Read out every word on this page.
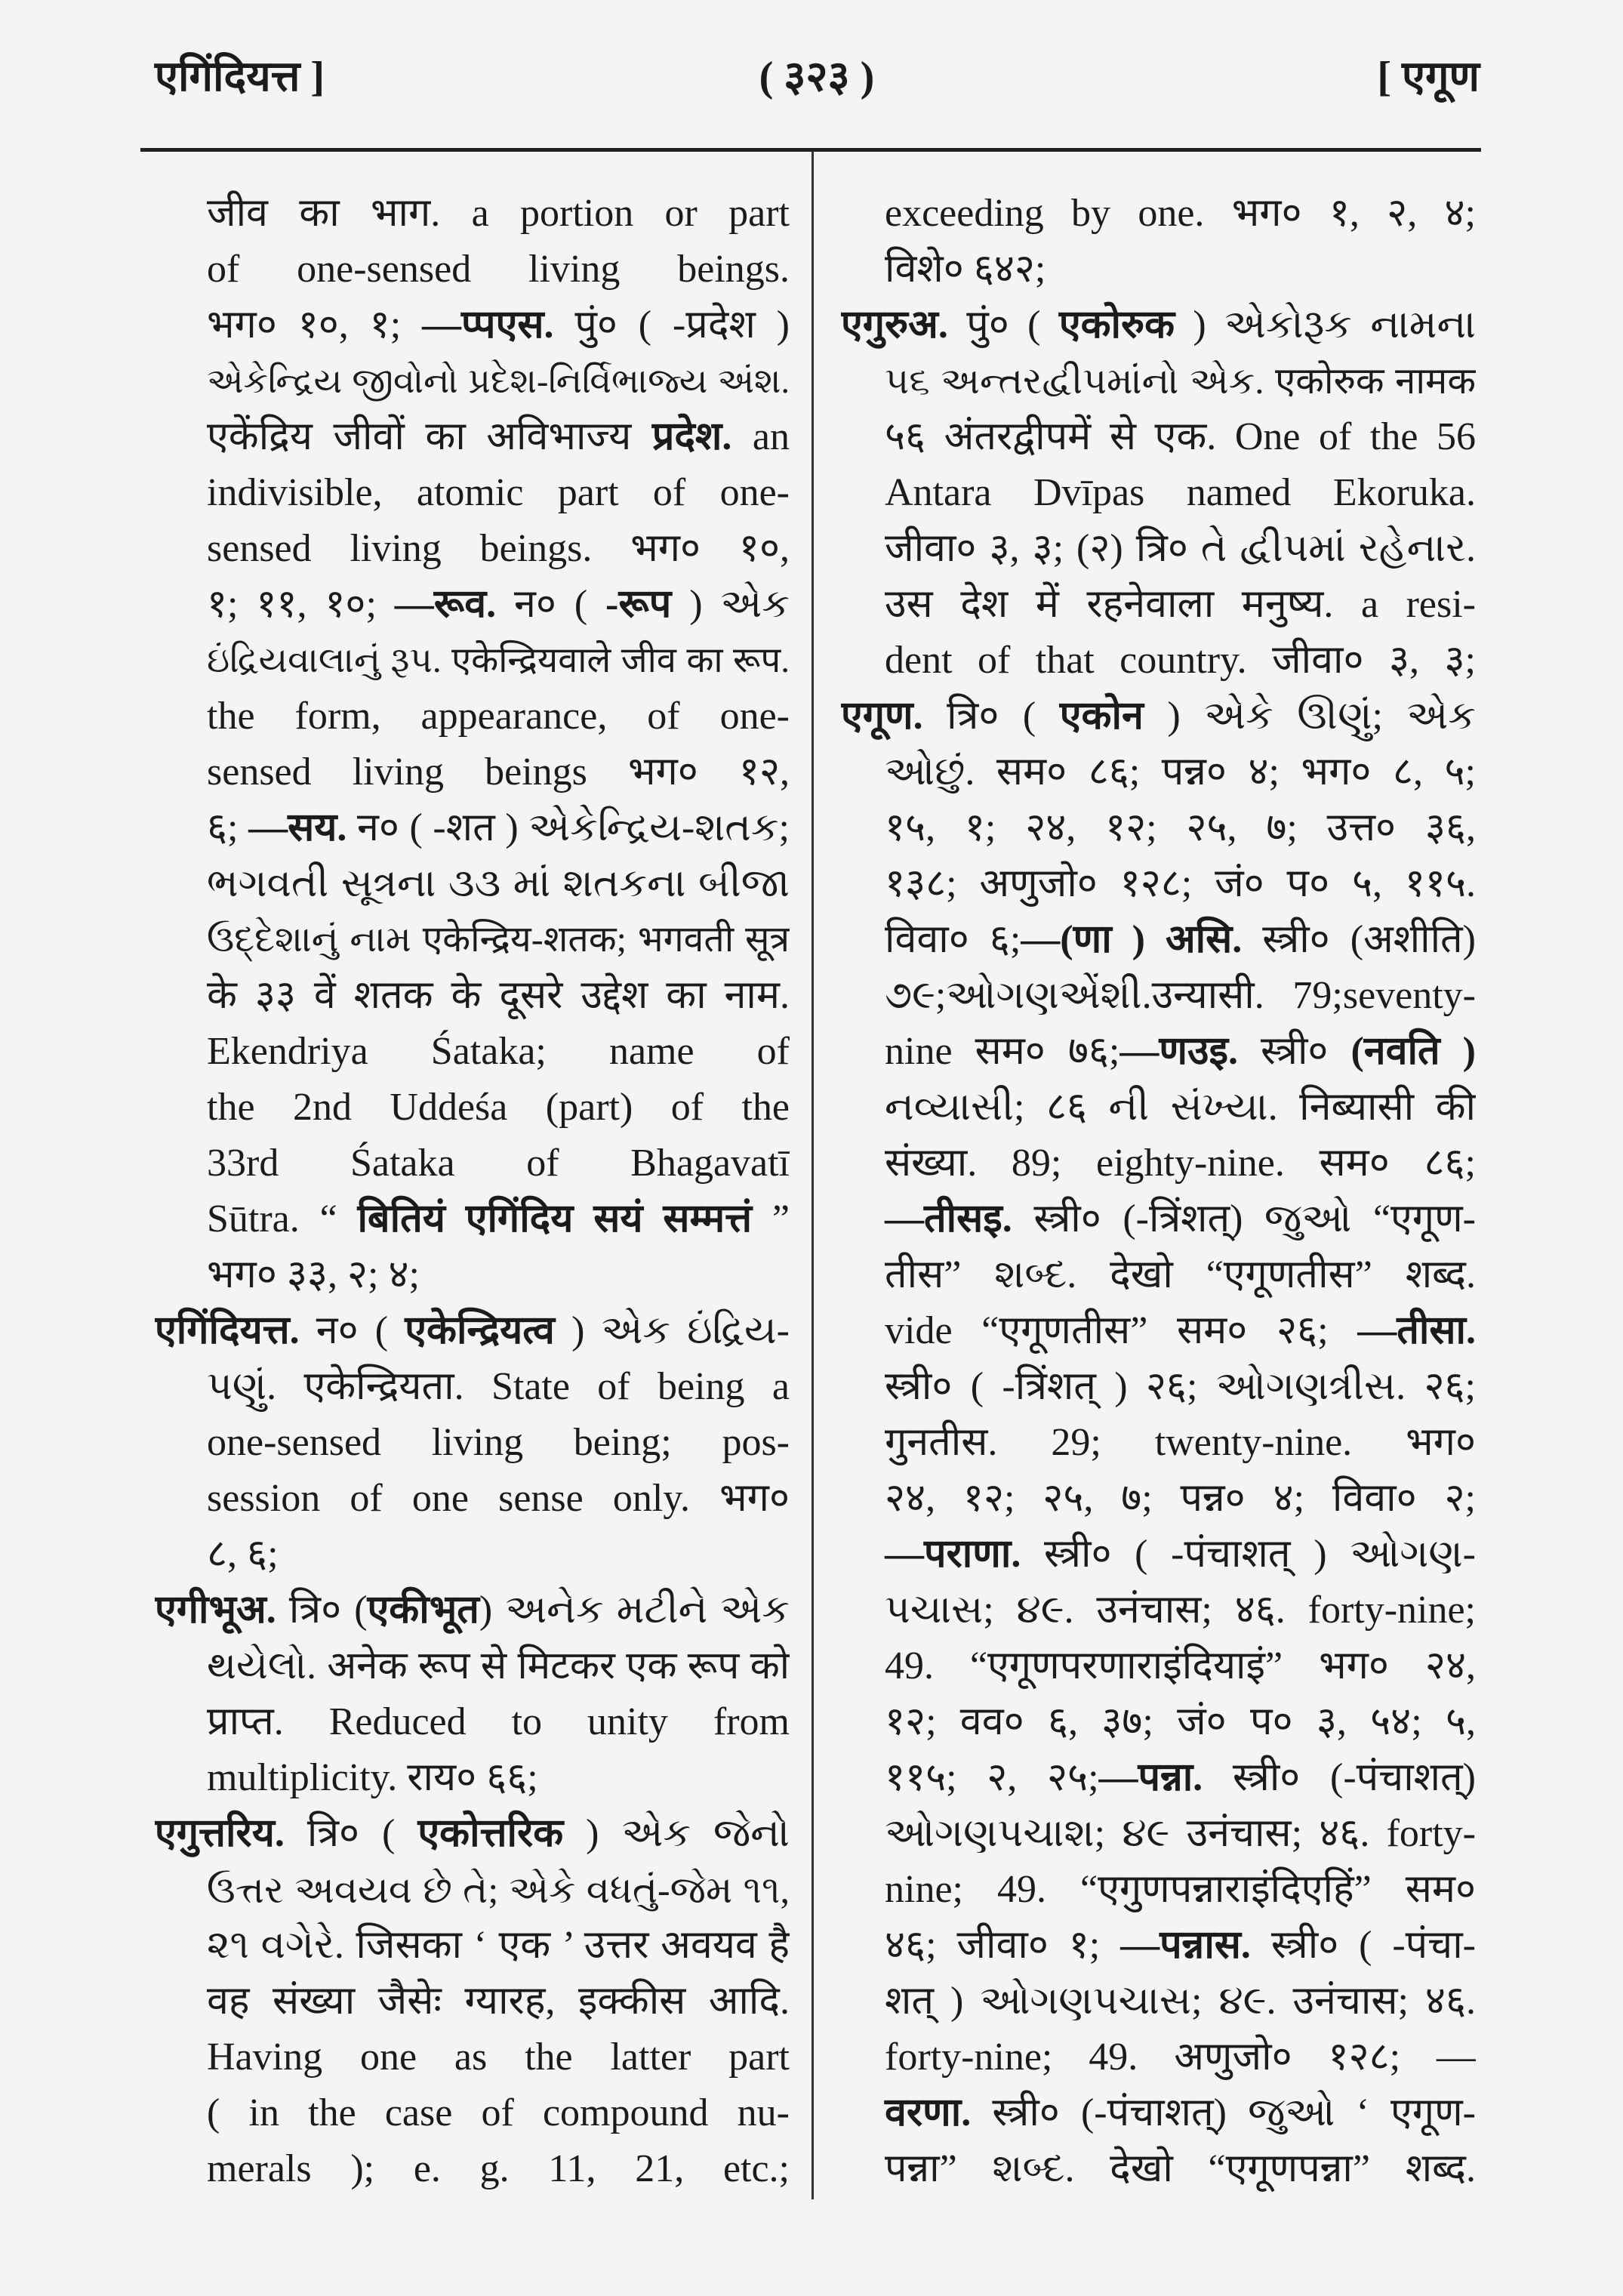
एगिंदियत्त ]	( ३२३ )	[ एगूण
जीव का भाग. a portion or part
of one-sensed living beings.
भग० १०, १; —प्पएस. पुं० ( -प्रदेश )
એકેન્દ્રિય જીવોનો પ્રદેશ-નિર્વિભાજ્ય અંશ.
एकेंद्रिय जीवों का अविभाज्य प्रदेश. an
indivisible, atomic part of one-
sensed living beings. भग० १०,
१; ११, १०; —रूव. न० ( -रूप ) એક
ઇંદ્રિયવાલાનું રૂપ. एकेन्द्रियवाले जीव का रूप.
the form, appearance, of one-
sensed living beings भग० १२,
६; —सय. न० ( -शत ) એકેન્દ્રિય-શતક;
ભગવતી સૂત્રના ૩૩ માં શતકના બીજા
ઉદ્દેશાનું નામ एकेन्द्रिय-शतक; भगवती सूत्र
के ३३ वें शतक के दूसरे उद्देश का नाम.
Ekendriya Śataka; name of
the 2nd Uddeśa (part) of the
33rd Śataka of Bhagavatī
Sūtra. “ बितियं एगिंदिय सयं सम्मत्तं ”
भग० ३३, २; ४;
एगिंदियत्त. न० ( एकेन्द्रियत्व ) એક ઇંદ્રિય-
પણું. एकेन्द्रियता. State of being a
one-sensed living being; pos-
session of one sense only. भग०
८, ६;
एगीभूअ. त्रि० (एकीभूत) અનેક મટીને એક
થયેલો. अनेक रूप से मिटकर एक रूप को
प्राप्त. Reduced to unity from
multiplicity. राय० ६६;
एगुत्तरिय. त्रि० ( एकोत्तरिक ) એક જેનો
ઉત્તર અવયવ છે તે; એકે વધતું-જેમ ૧૧,
૨૧ વગેરે. जिसका ‘ एक ’ उत्तर अवयव है
वह संख्या जैसेः ग्यारह, इक्कीस आदि.
Having one as the latter part
( in the case of compound nu-
merals ); e. g. 11, 21, etc.;
exceeding by one. भग० १, २, ४;
विशे० ६४२;
एगुरुअ. पुं० ( एकोरुक ) એકોરૂક નામના
૫૬ અન્તરદ્વીપમાંનો એક. एकोरुक नामक
५६ अंतरद्वीपमें से एक. One of the 56
Antara Dvīpas named Ekoruka.
जीवा० ३, ३; (२) त्रि० તે દ્વીપમાં રહેનાર.
उस देश में रहनेवाला मनुष्य. a resi-
dent of that country. जीवा० ३, ३;
एगूण. त्रि० ( एकोन ) એકે ઊણું; એક
ઓછું. सम० ८६; पन्न० ४; भग० ८, ५;
१५, १; २४, १२; २५, ७; उत्त० ३६,
१३८; अणुजो० १२८; जं० प० ५, ११५.
विवा० ६;—(णा ) असि. स्त्री० (अशीति)
૭૯;ઓગણએંશી.उन्यासी. 79;seventy-
nine सम० ७६;—णउइ. स्त्री० (नवति )
નવ્યાસી; ८६ ની સંખ્યા. निब्यासी की
संख्या. 89; eighty-nine. सम० ८६;
—तीसइ. स्त्री० (-त्रिंशत्) જુઓ “एगूण-
तीस” શબ્દ. देखो “एगूणतीस” शब्द.
vide “एगूणतीस” सम० २६; —तीसा.
स्त्री० ( -त्रिंशत् ) २६; ઓગણત્રીસ. २६;
गुनतीस. 29; twenty-nine. भग०
२४, १२; २५, ७; पन्न० ४; विवा० २;
—पराणा. स्त्री० ( -पंचाशत् ) ઓગણ-
પચાસ; ૪૯. उनंचास; ४६. forty-nine;
49. “एगूणपरणाराइंदियाइं” भग० २४,
१२; वव० ६, ३७; जं० प० ३, ५४; ५,
११५; २, २५;—पन्ना. स्त्री० (-पंचाशत्)
ઓગણપચાશ; ૪૯ उनंचास; ४६. forty-
nine; 49. “एगुणपन्नाराइंदिएहिं” सम०
४६; जीवा० १; —पन्नास. स्त्री० ( -पंचा-
शत् ) ઓગણપચાસ; ૪૯. उनंचास; ४६.
forty-nine; 49. अणुजो० १२८; —
वरणा. स्त्री० (-पंचाशत्) જુઓ ‘ एगूण-
पन्ना” શબ્દ. देखो “एगूणपन्ना” शब्द.
